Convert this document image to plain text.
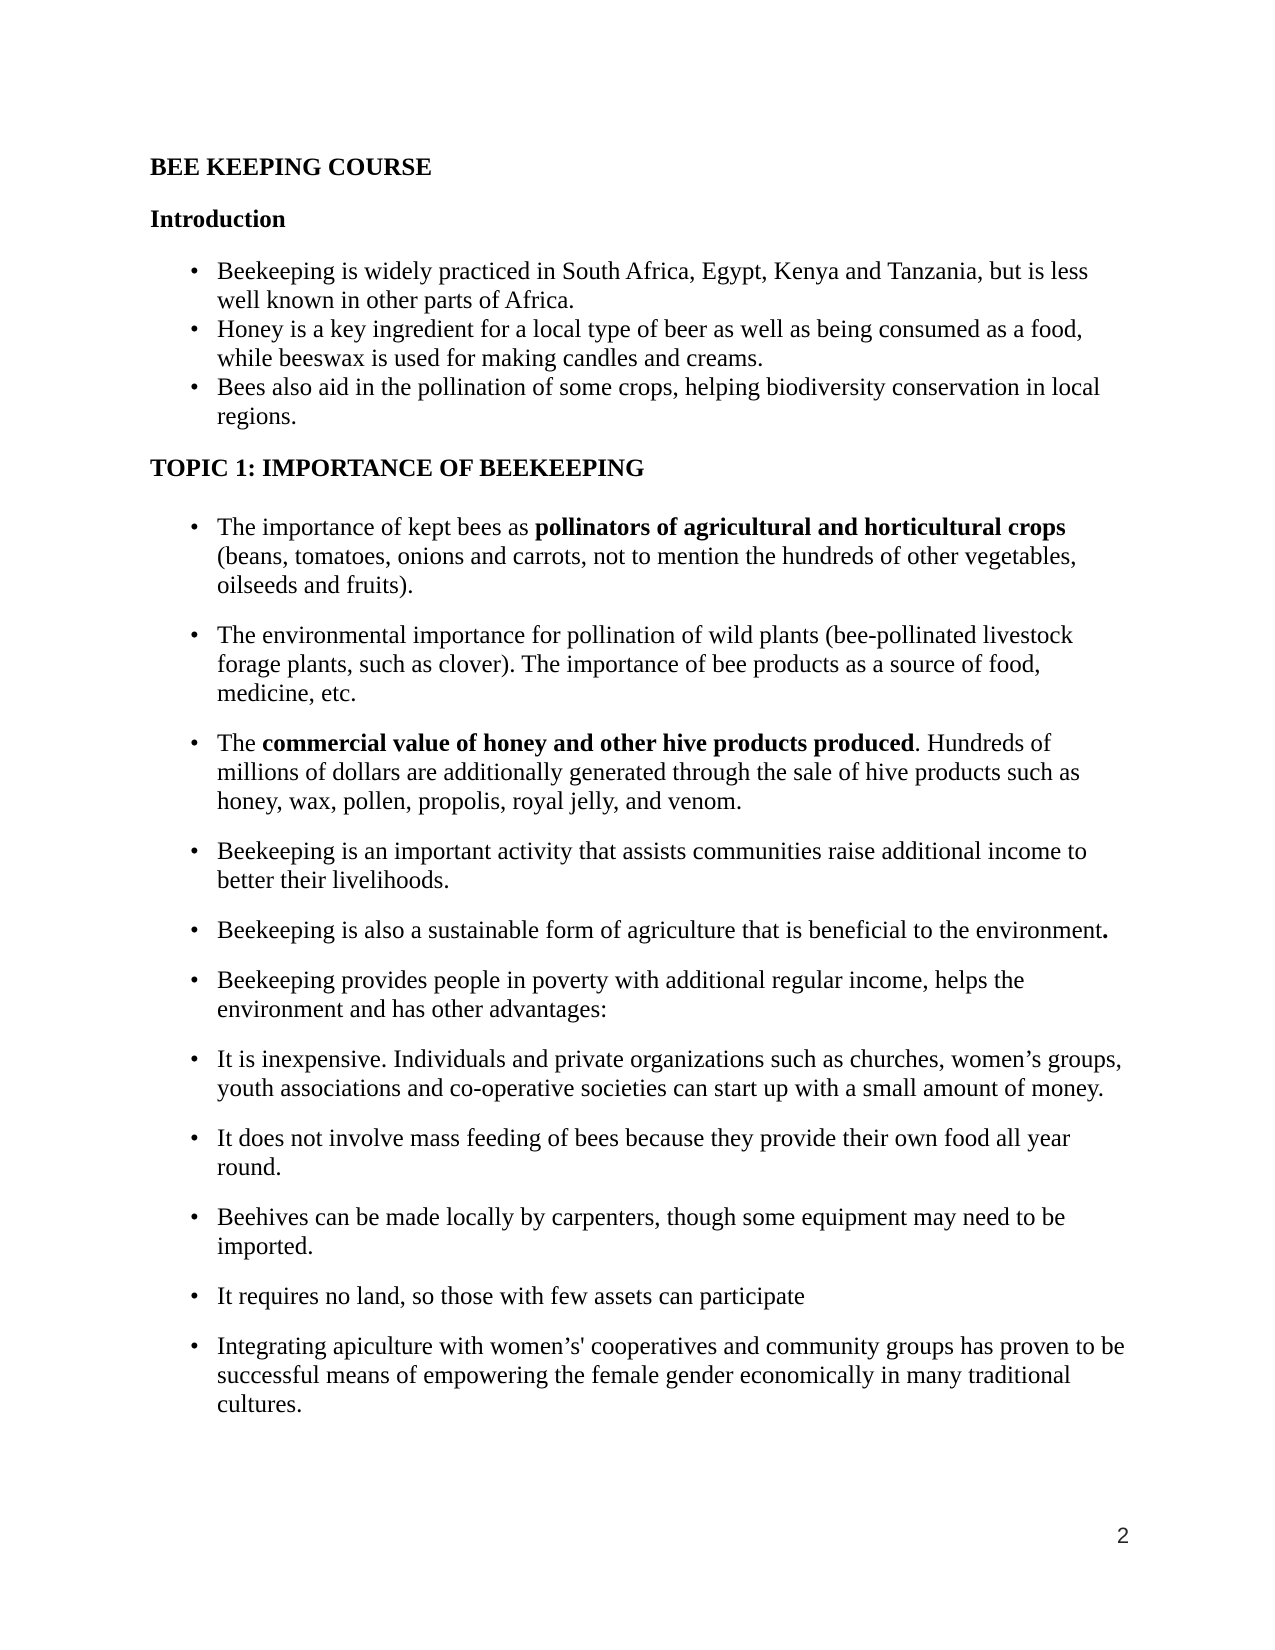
BEE KEEPING COURSE
Introduction
• Beekeeping is widely practiced in South Africa, Egypt, Kenya and Tanzania, but is less well known in other parts of Africa.
• Honey is a key ingredient for a local type of beer as well as being consumed as a food, while beeswax is used for making candles and creams.
• Bees also aid in the pollination of some crops, helping biodiversity conservation in local regions.
TOPIC 1: IMPORTANCE OF BEEKEEPING
• The importance of kept bees as pollinators of agricultural and horticultural crops (beans, tomatoes, onions and carrots, not to mention the hundreds of other vegetables, oilseeds and fruits).
• The environmental importance for pollination of wild plants (bee-pollinated livestock forage plants, such as clover). The importance of bee products as a source of food, medicine, etc.
• The commercial value of honey and other hive products produced. Hundreds of millions of dollars are additionally generated through the sale of hive products such as honey, wax, pollen, propolis, royal jelly, and venom.
• Beekeeping is an important activity that assists communities raise additional income to better their livelihoods.
• Beekeeping is also a sustainable form of agriculture that is beneficial to the environment.
• Beekeeping provides people in poverty with additional regular income, helps the environment and has other advantages:
• It is inexpensive. Individuals and private organizations such as churches, women’s groups, youth associations and co-operative societies can start up with a small amount of money.
• It does not involve mass feeding of bees because they provide their own food all year round.
• Beehives can be made locally by carpenters, though some equipment may need to be imported.
• It requires no land, so those with few assets can participate
• Integrating apiculture with women’s' cooperatives and community groups has proven to be successful means of empowering the female gender economically in many traditional cultures.
2
